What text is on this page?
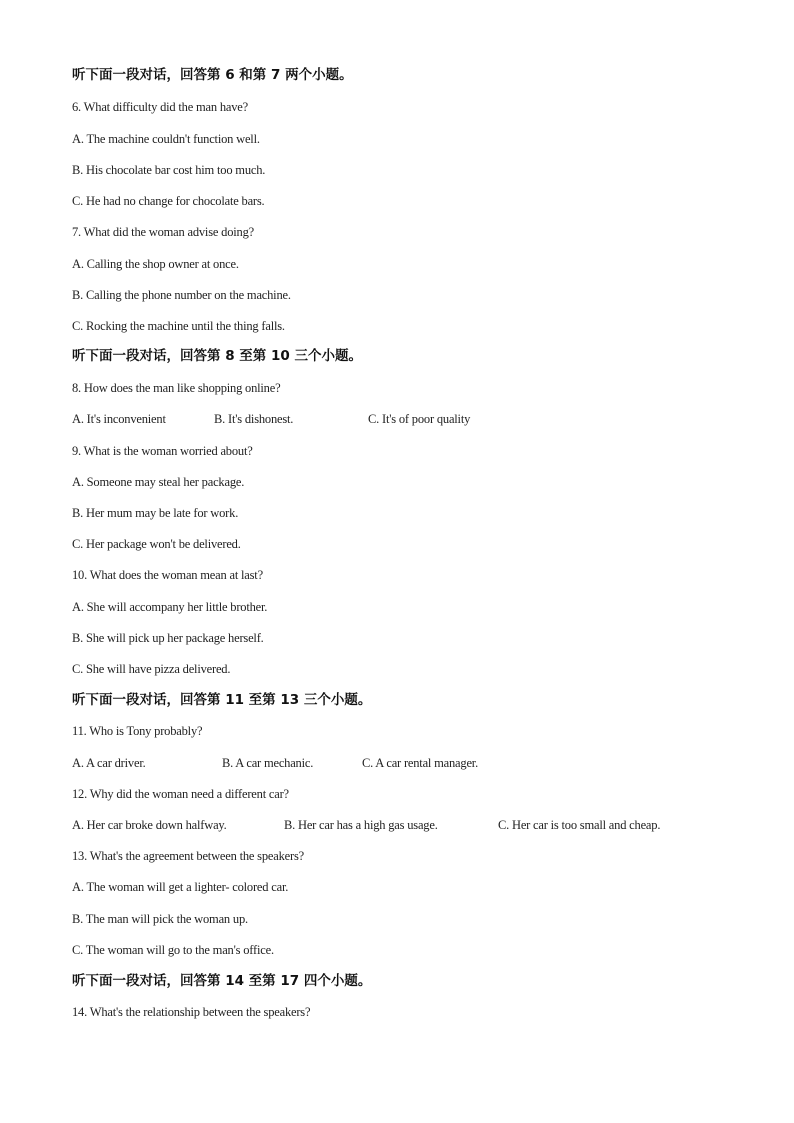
听下面一段对话，回答第 6 和第 7 两个小题。
6. What difficulty did the man have?
A. The machine couldn't function well.
B. His chocolate bar cost him too much.
C. He had no change for chocolate bars.
7. What did the woman advise doing?
A. Calling the shop owner at once.
B. Calling the phone number on the machine.
C. Rocking the machine until the thing falls.
听下面一段对话，回答第 8 至第 10 三个小题。
8. How does the man like shopping online?
A. It's inconvenient	B. It's dishonest.	C. It's of poor quality
9. What is the woman worried about?
A. Someone may steal her package.
B. Her mum may be late for work.
C. Her package won't be delivered.
10. What does the woman mean at last?
A. She will accompany her little brother.
B. She will pick up her package herself.
C. She will have pizza delivered.
听下面一段对话，回答第 11 至第 13 三个小题。
11. Who is Tony probably?
A. A car driver.	B. A car mechanic.	C. A car rental manager.
12. Why did the woman need a different car?
A. Her car broke down halfway.	B. Her car has a high gas usage.	C. Her car is too small and cheap.
13. What's the agreement between the speakers?
A. The woman will get a lighter- colored car.
B. The man will pick the woman up.
C. The woman will go to the man's office.
听下面一段对话，回答第 14 至第 17 四个小题。
14. What's the relationship between the speakers?
